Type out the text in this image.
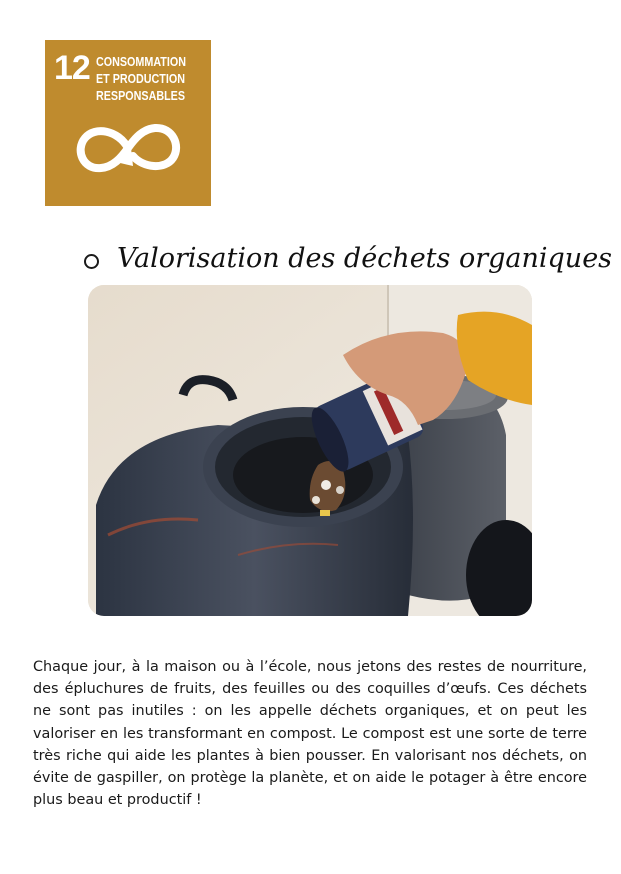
12 CONSOMMATION
ET PRODUCTION
RESPONSABLES
Valorisation des déchets organiques

Chaque jour, à la maison ou à l’école, nous jetons des restes de nourriture, des épluchures de fruits, des feuilles ou des coquilles d’œufs. Ces déchets ne sont pas inutiles : on les appelle déchets organiques, et on peut les valoriser en les transformant en compost. Le compost est une sorte de terre très riche qui aide les plantes à bien pousser. En valorisant nos déchets, on évite de gaspiller, on protège la planète, et on aide le potager à être encore plus beau et productif !
